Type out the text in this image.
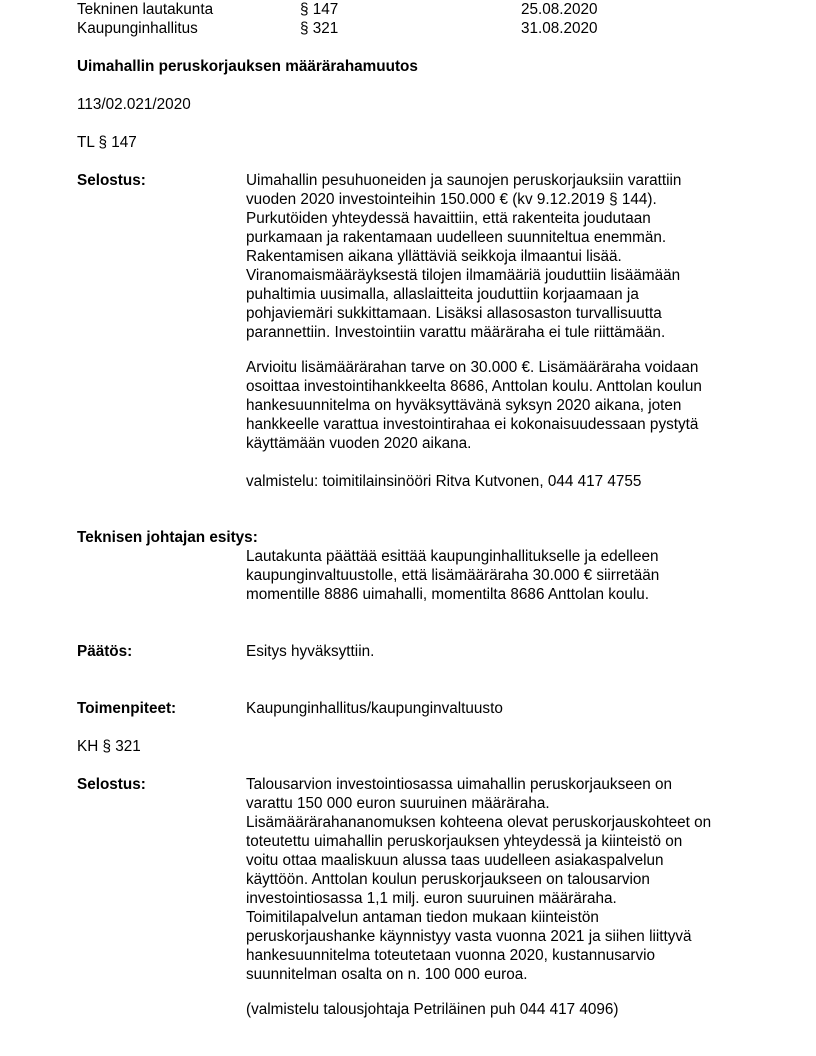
Tekninen lautakunta	§ 147	25.08.2020
Kaupunginhallitus	§ 321	31.08.2020
Uimahallin peruskorjauksen määrärahamuutos
113/02.021/2020
TL § 147
Selostus:	Uimahallin pesuhuoneiden ja saunojen peruskorjauksiin varattiin
vuoden 2020 investointeihin 150.000 € (kv 9.12.2019 § 144).
Purkutöiden yhteydessä havaittiin, että rakenteita joudutaan
purkamaan ja rakentamaan uudelleen suunniteltua enemmän.
Rakentamisen aikana yllättäviä seikkoja ilmaantui lisää.
Viranomaismääräyksestä tilojen ilmamääriä jouduttiin lisäämään
puhaltimia uusimalla, allaslaitteita jouduttiin korjaamaan ja
pohjaviemäri sukkittamaan. Lisäksi allasosaston turvallisuutta
parannettiin. Investointiin varattu määräraha ei tule riittämään.
Arvioitu lisämäärärahan tarve on 30.000 €. Lisämääräraha voidaan
osoittaa investointihankkeelta 8686, Anttolan koulu. Anttolan koulun
hankesuunnitelma on hyväksyttävänä syksyn 2020 aikana, joten
hankkeelle varattua investointirahaa ei kokonaisuudessaan pystytä
käyttämään vuoden 2020 aikana.
valmistelu: toimitilainsinööri Ritva Kutvonen, 044 417 4755
Teknisen johtajan esitys:
Lautakunta päättää esittää kaupunginhallitukselle ja edelleen
kaupunginvaltuustolle, että lisämääräraha 30.000 € siirretään
momentille 8886 uimahalli, momentilta 8686 Anttolan koulu.
Päätös:	Esitys hyväksyttiin.
Toimenpiteet:	Kaupunginhallitus/kaupunginvaltuusto
KH § 321
Selostus:	Talousarvion investointiosassa uimahallin peruskorjaukseen on
varattu 150 000 euron suuruinen määräraha.
Lisämäärärahananomuksen kohteena olevat peruskorjauskohteet on
toteutettu uimahallin peruskorjauksen yhteydessä ja kiinteistö on
voitu ottaa maaliskuun alussa taas uudelleen asiakaspalvelun
käyttöön. Anttolan koulun peruskorjaukseen on talousarvion
investointiosassa 1,1 milj. euron suuruinen määräraha.
Toimitilapalvelun antaman tiedon mukaan kiinteistön
peruskorjaushanke käynnistyy vasta vuonna 2021 ja siihen liittyvä
hankesuunnitelma toteutetaan vuonna 2020, kustannusarvio
suunnitelman osalta on n. 100 000 euroa.
(valmistelu talousjohtaja Petriläinen puh 044 417 4096)
